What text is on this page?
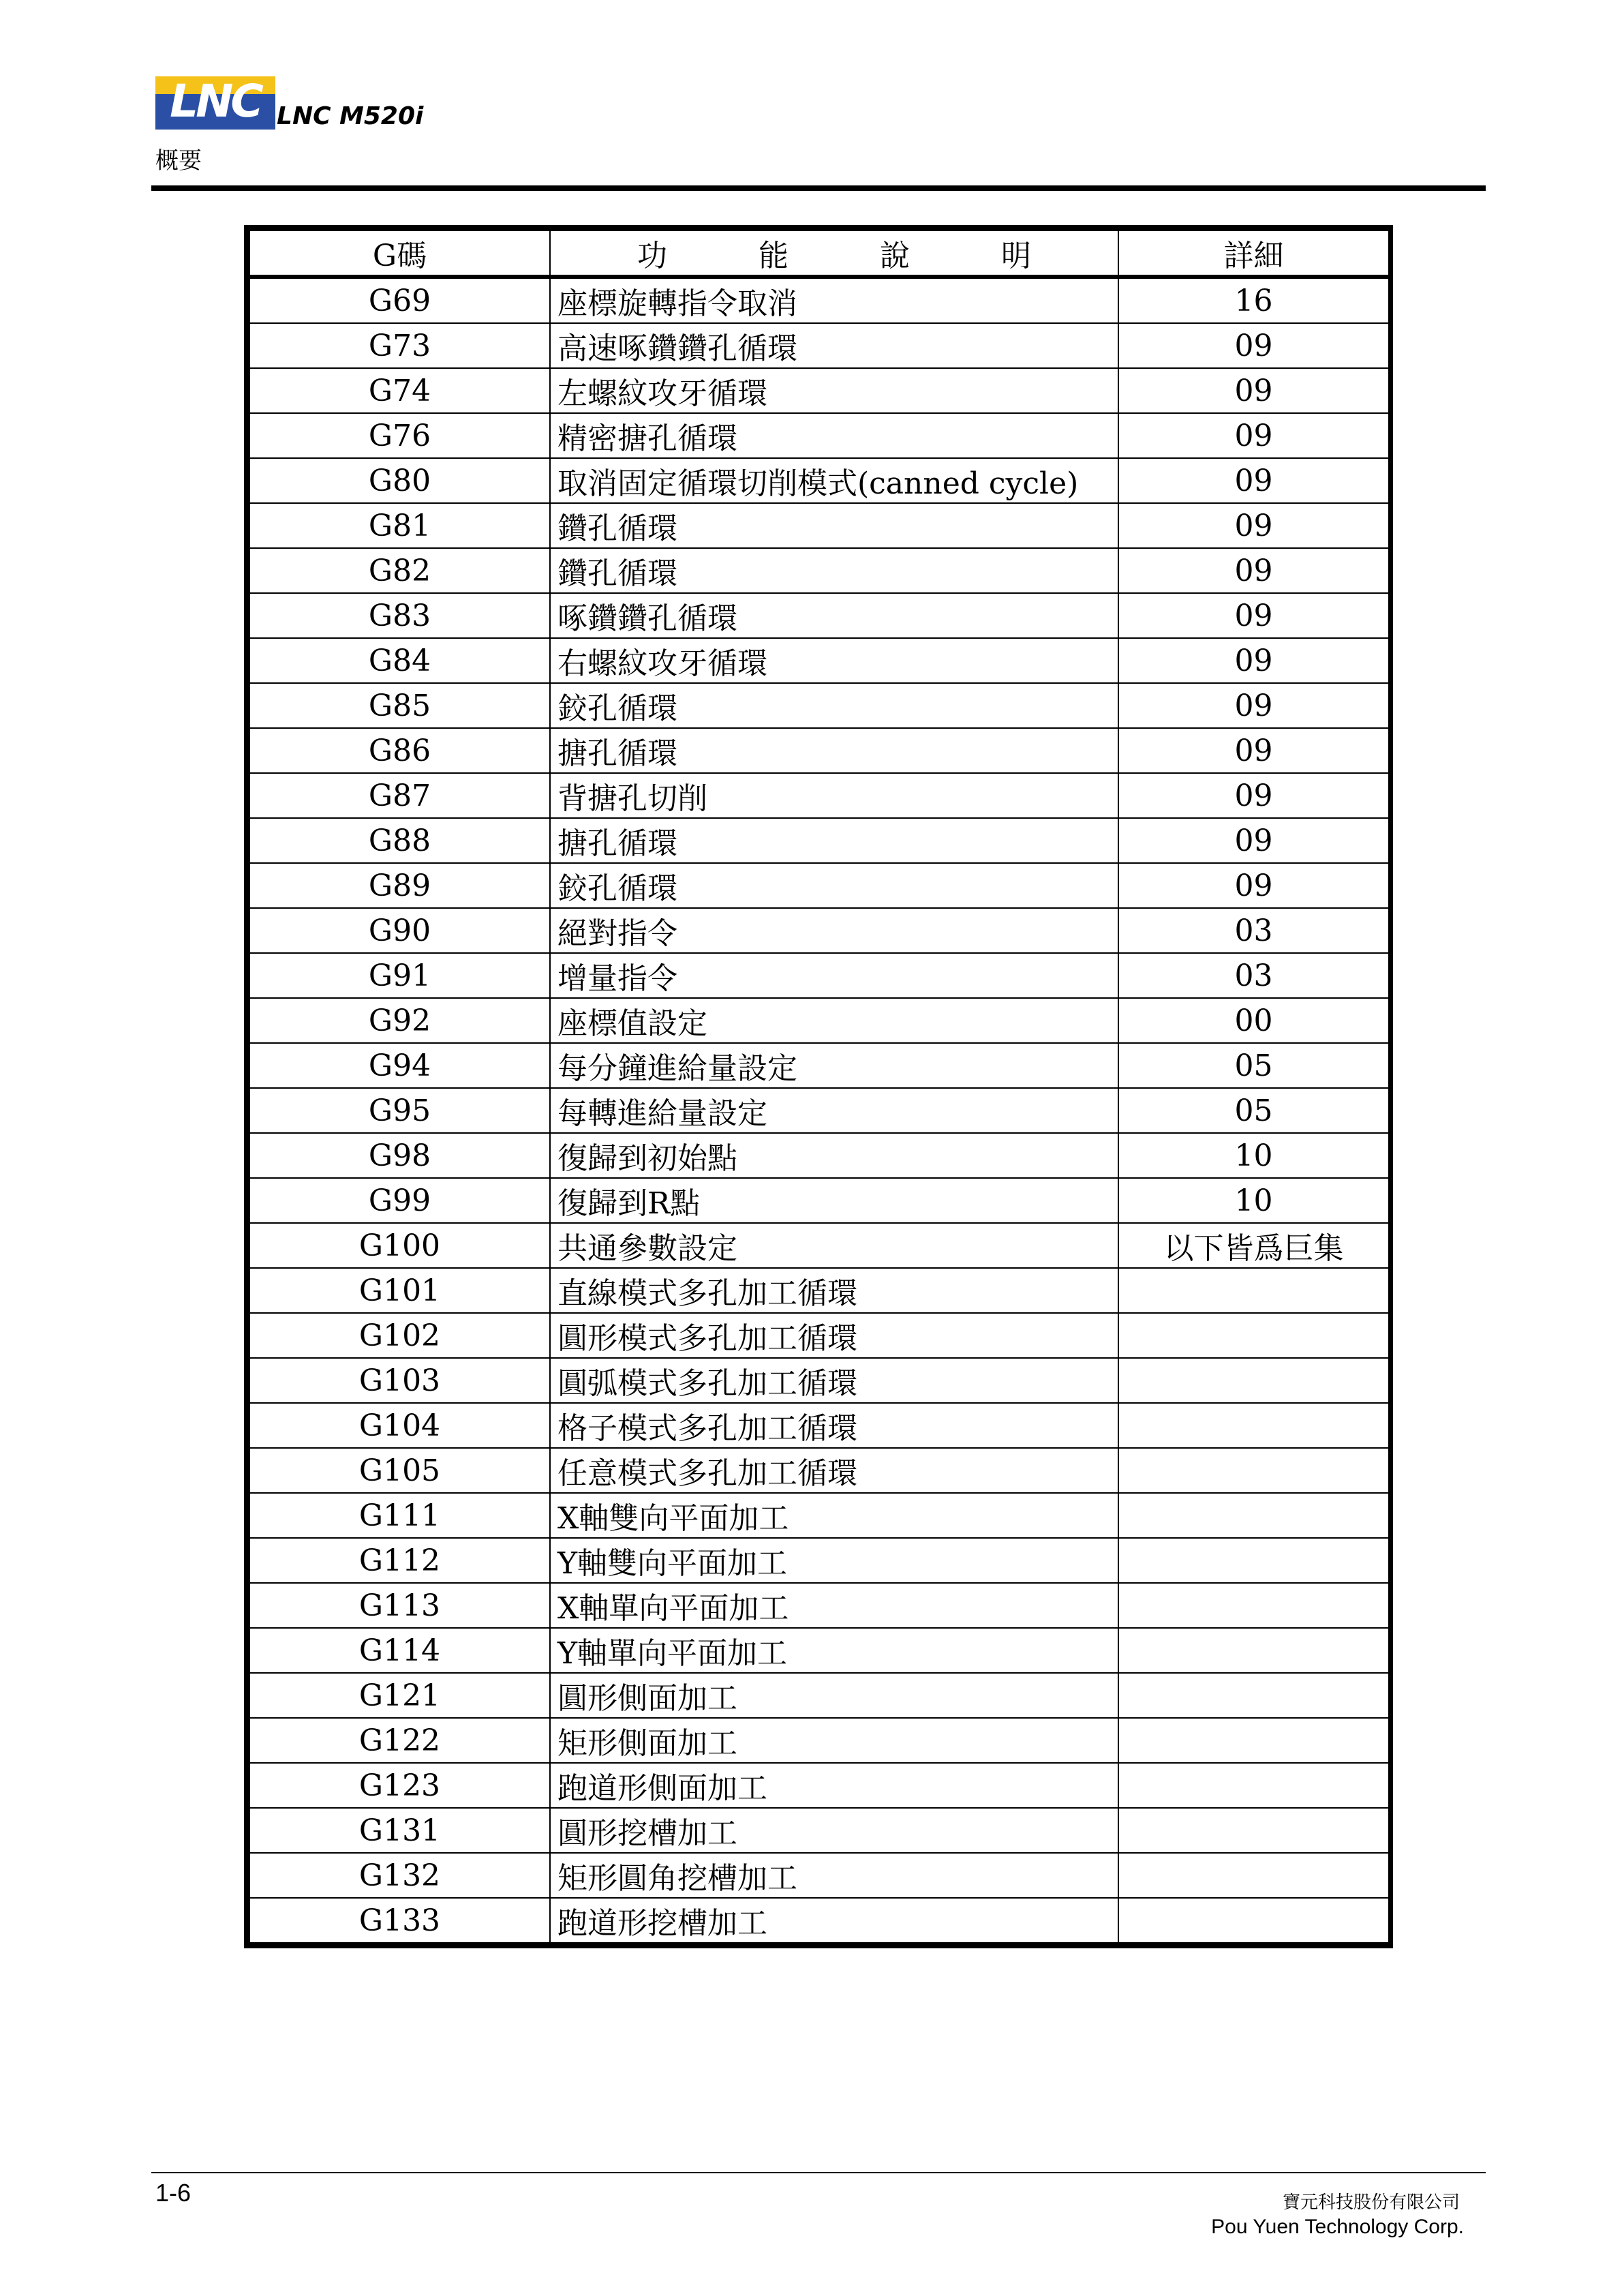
LNC LNC M520i
概要
G碼	功 能 說 明	詳細
G69	座標旋轉指令取消	16
G73	高速啄鑽鑽孔循環	09
G74	左螺紋攻牙循環	09
G76	精密搪孔循環	09
G80	取消固定循環切削模式(canned cycle)	09
G81	鑽孔循環	09
G82	鑽孔循環	09
G83	啄鑽鑽孔循環	09
G84	右螺紋攻牙循環	09
G85	鉸孔循環	09
G86	搪孔循環	09
G87	背搪孔切削	09
G88	搪孔循環	09
G89	鉸孔循環	09
G90	絕對指令	03
G91	增量指令	03
G92	座標值設定	00
G94	每分鐘進給量設定	05
G95	每轉進給量設定	05
G98	復歸到初始點	10
G99	復歸到R點	10
G100	共通參數設定	以下皆爲巨集
G101	直線模式多孔加工循環	
G102	圓形模式多孔加工循環	
G103	圓弧模式多孔加工循環	
G104	格子模式多孔加工循環	
G105	任意模式多孔加工循環	
G111	X軸雙向平面加工	
G112	Y軸雙向平面加工	
G113	X軸單向平面加工	
G114	Y軸單向平面加工	
G121	圓形側面加工	
G122	矩形側面加工	
G123	跑道形側面加工	
G131	圓形挖槽加工	
G132	矩形圓角挖槽加工	
G133	跑道形挖槽加工	
1-6	寶元科技股份有限公司
Pou Yuen Technology Corp.
